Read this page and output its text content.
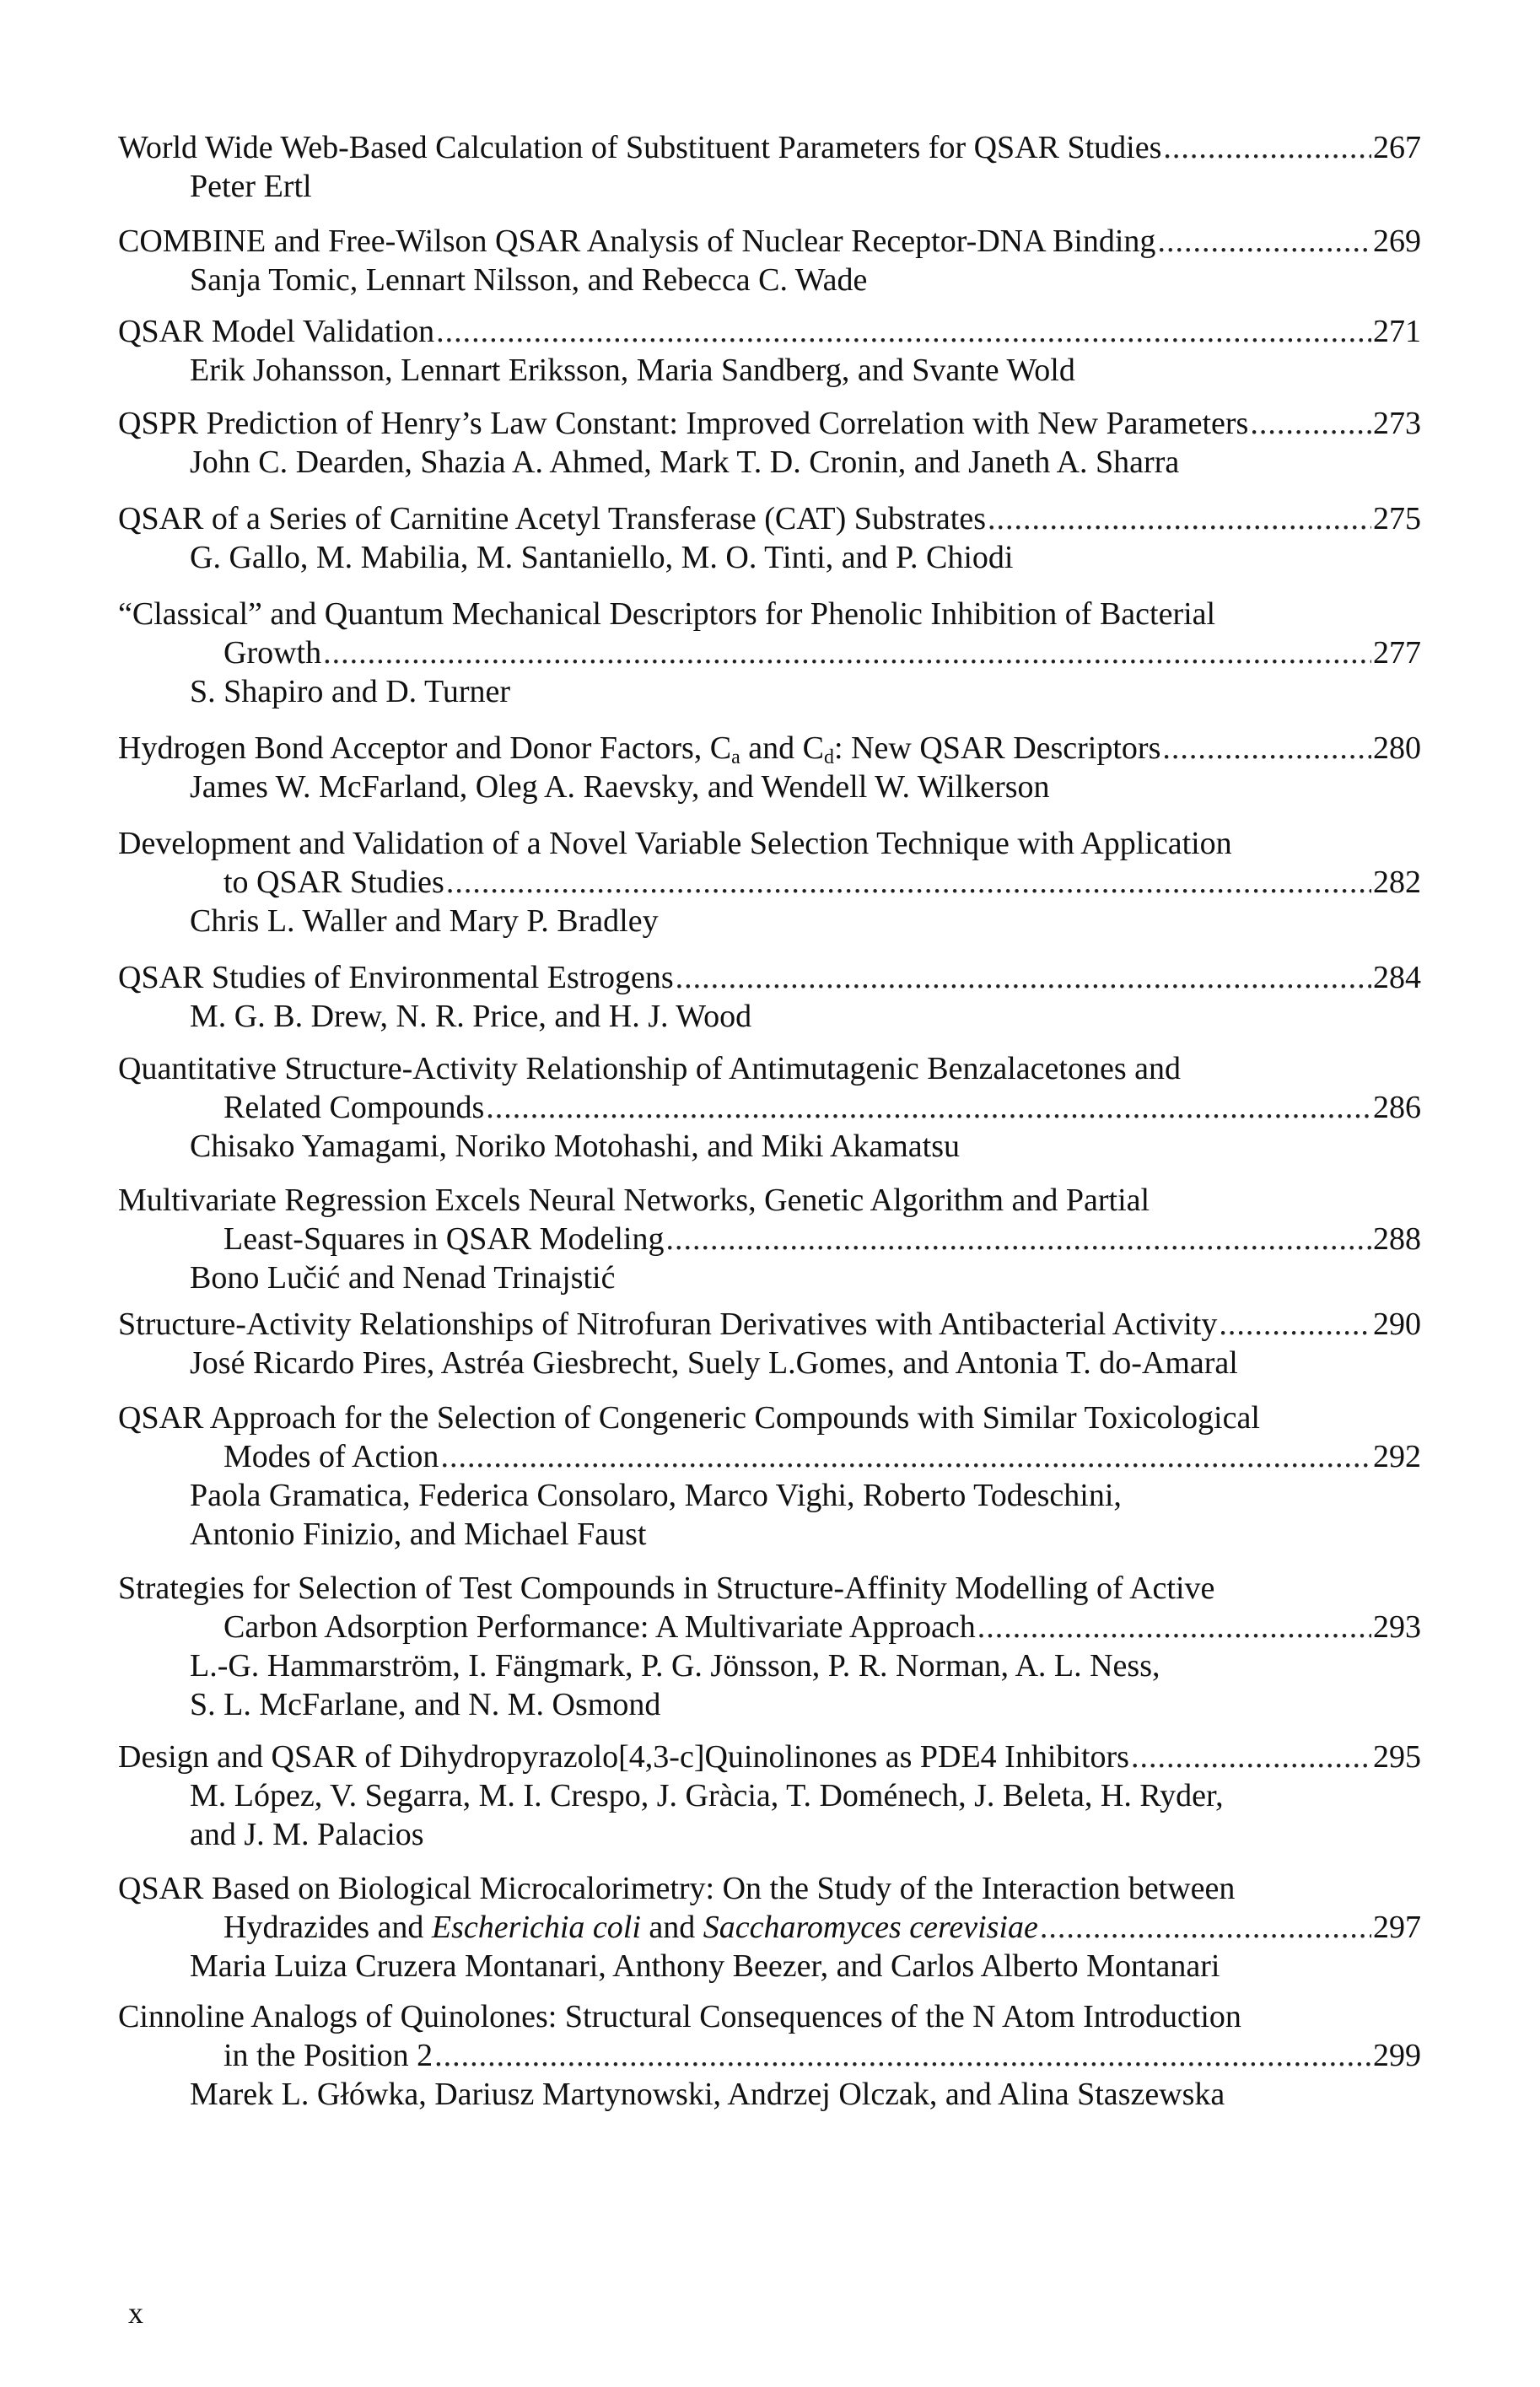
World Wide Web-Based Calculation of Substituent Parameters for QSAR Studies .....	267
Peter Ertl
COMBINE and Free-Wilson QSAR Analysis of Nuclear Receptor-DNA Binding .....	269
Sanja Tomic, Lennart Nilsson, and Rebecca C. Wade
QSAR Model Validation .....	271
Erik Johansson, Lennart Eriksson, Maria Sandberg, and Svante Wold
QSPR Prediction of Henry’s Law Constant: Improved Correlation with New Parameters .....	273
John C. Dearden, Shazia A. Ahmed, Mark T. D. Cronin, and Janeth A. Sharra
QSAR of a Series of Carnitine Acetyl Transferase (CAT) Substrates .....	275
G. Gallo, M. Mabilia, M. Santaniello, M. O. Tinti, and P. Chiodi
“Classical” and Quantum Mechanical Descriptors for Phenolic Inhibition of Bacterial
Growth .....	277
S. Shapiro and D. Turner
Hydrogen Bond Acceptor and Donor Factors, $C_a$ and $C_d$: New QSAR Descriptors .....	280
James W. McFarland, Oleg A. Raevsky, and Wendell W. Wilkerson
Development and Validation of a Novel Variable Selection Technique with Application
to QSAR Studies .....	282
Chris L. Waller and Mary P. Bradley
QSAR Studies of Environmental Estrogens .....	284
M. G. B. Drew, N. R. Price, and H. J. Wood
Quantitative Structure-Activity Relationship of Antimutagenic Benzalacetones and
Related Compounds .....	286
Chisako Yamagami, Noriko Motohashi, and Miki Akamatsu
Multivariate Regression Excels Neural Networks, Genetic Algorithm and Partial
Least-Squares in QSAR Modeling .....	288
Bono Lučić and Nenad Trinajstić
Structure-Activity Relationships of Nitrofuran Derivatives with Antibacterial Activity .....	290
José Ricardo Pires, Astréa Giesbrecht, Suely L.Gomes, and Antonia T. do-Amaral
QSAR Approach for the Selection of Congeneric Compounds with Similar Toxicological
Modes of Action .....	292
Paola Gramatica, Federica Consolaro, Marco Vighi, Roberto Todeschini,
Antonio Finizio, and Michael Faust
Strategies for Selection of Test Compounds in Structure-Affinity Modelling of Active
Carbon Adsorption Performance: A Multivariate Approach .....	293
L.-G. Hammarström, I. Fängmark, P. G. Jönsson, P. R. Norman, A. L. Ness,
S. L. McFarlane, and N. M. Osmond
Design and QSAR of Dihydropyrazolo[4,3-c]Quinolinones as PDE4 Inhibitors .....	295
M. López, V. Segarra, M. I. Crespo, J. Gràcia, T. Doménech, J. Beleta, H. Ryder,
and J. M. Palacios
QSAR Based on Biological Microcalorimetry: On the Study of the Interaction between
Hydrazides and Escherichia coli and Saccharomyces cerevisiae .....	297
Maria Luiza Cruzera Montanari, Anthony Beezer, and Carlos Alberto Montanari
Cinnoline Analogs of Quinolones: Structural Consequences of the N Atom Introduction
in the Position 2 .....	299
Marek L. Główka, Dariusz Martynowski, Andrzej Olczak, and Alina Staszewska
x
